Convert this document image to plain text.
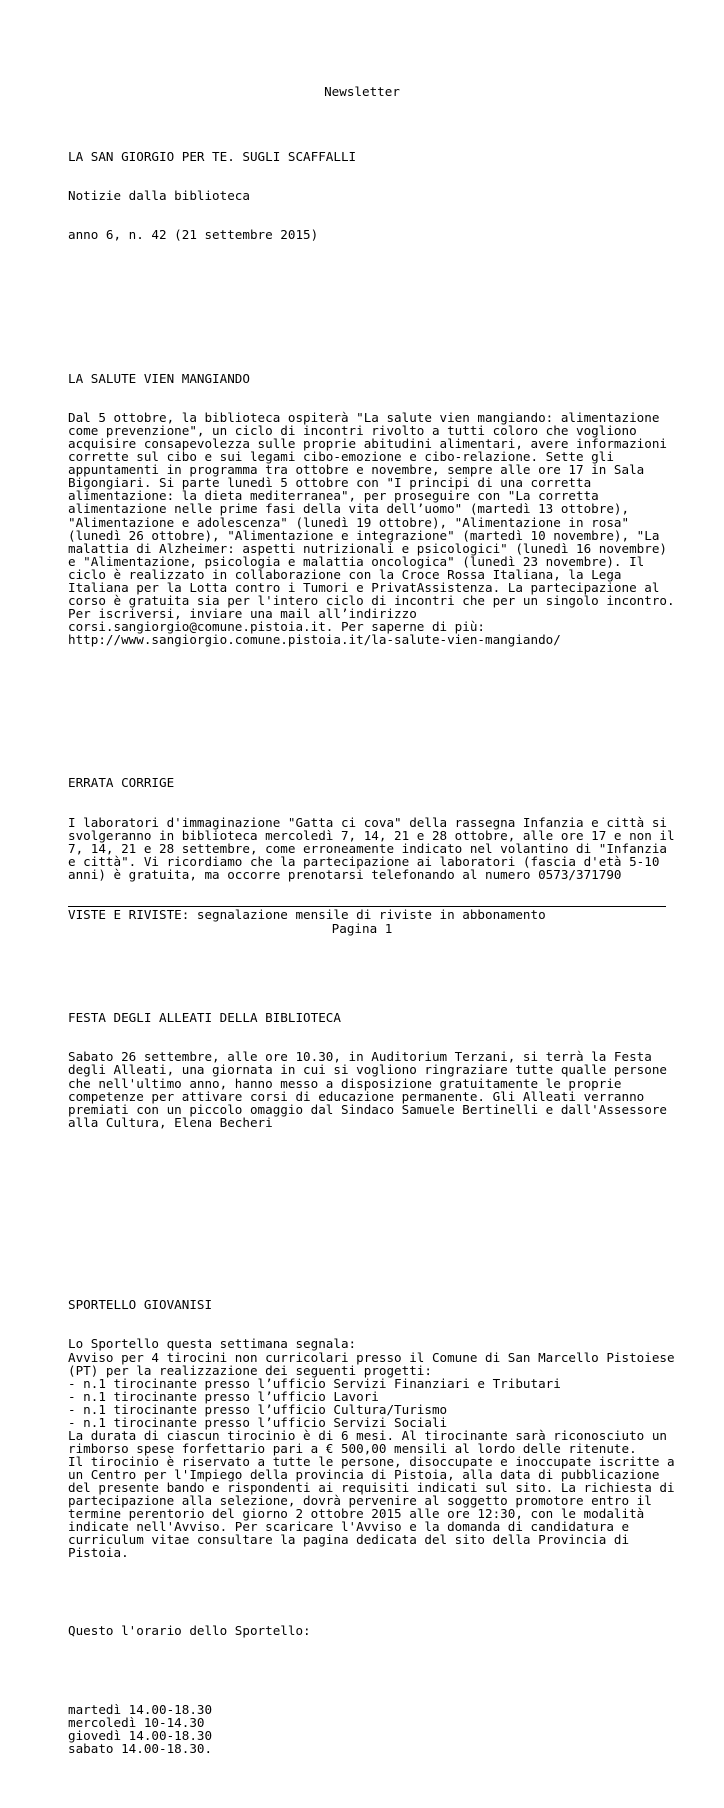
Newsletter

LA SAN GIORGIO PER TE. SUGLI SCAFFALLI

Notizie dalla biblioteca

anno 6, n. 42 (21 settembre 2015)

LA SALUTE VIEN MANGIANDO

Dal 5 ottobre, la biblioteca ospiterà "La salute vien mangiando: alimentazione
come prevenzione", un ciclo di incontri rivolto a tutti coloro che vogliono
acquisire consapevolezza sulle proprie abitudini alimentari, avere informazioni
corrette sul cibo e sui legami cibo-emozione e cibo-relazione. Sette gli
appuntamenti in programma tra ottobre e novembre, sempre alle ore 17 in Sala
Bigongiari. Si parte lunedì 5 ottobre con "I principi di una corretta
alimentazione: la dieta mediterranea", per proseguire con "La corretta
alimentazione nelle prime fasi della vita dell’uomo" (martedì 13 ottobre),
"Alimentazione e adolescenza" (lunedì 19 ottobre), "Alimentazione in rosa"
(lunedì 26 ottobre), "Alimentazione e integrazione" (martedì 10 novembre), "La
malattia di Alzheimer: aspetti nutrizionali e psicologici" (lunedì 16 novembre)
e "Alimentazione, psicologia e malattia oncologica" (lunedì 23 novembre). Il
ciclo è realizzato in collaborazione con la Croce Rossa Italiana, la Lega
Italiana per la Lotta contro i Tumori e PrivatAssistenza. La partecipazione al
corso è gratuita sia per l'intero ciclo di incontri che per un singolo incontro.
Per iscriversi, inviare una mail all’indirizzo
corsi.sangiorgio@comune.pistoia.it. Per saperne di più:
http://www.sangiorgio.comune.pistoia.it/la-salute-vien-mangiando/

ERRATA CORRIGE

I laboratori d'immaginazione "Gatta ci cova" della rassegna Infanzia e città si
svolgeranno in biblioteca mercoledì 7, 14, 21 e 28 ottobre, alle ore 17 e non il
7, 14, 21 e 28 settembre, come erroneamente indicato nel volantino di "Infanzia
e città". Vi ricordiamo che la partecipazione ai laboratori (fascia d'età 5-10
anni) è gratuita, ma occorre prenotarsi telefonando al numero 0573/371790

FESTA DEGLI ALLEATI DELLA BIBLIOTECA

Sabato 26 settembre, alle ore 10.30, in Auditorium Terzani, si terrà la Festa
degli Alleati, una giornata in cui si vogliono ringraziare tutte qualle persone
che nell'ultimo anno, hanno messo a disposizione gratuitamente le proprie
competenze per attivare corsi di educazione permanente. Gli Alleati verranno
premiati con un piccolo omaggio dal Sindaco Samuele Bertinelli e dall'Assessore
alla Cultura, Elena Becheri

SPORTELLO GIOVANISI

Lo Sportello questa settimana segnala:
Avviso per 4 tirocini non curricolari presso il Comune di San Marcello Pistoiese
(PT) per la realizzazione dei seguenti progetti:
- n.1 tirocinante presso l’ufficio Servizi Finanziari e Tributari
- n.1 tirocinante presso l’ufficio Lavori
- n.1 tirocinante presso l’ufficio Cultura/Turismo
- n.1 tirocinante presso l’ufficio Servizi Sociali
La durata di ciascun tirocinio è di 6 mesi. Al tirocinante sarà riconosciuto un
rimborso spese forfettario pari a € 500,00 mensili al lordo delle ritenute.
Il tirocinio è riservato a tutte le persone, disoccupate e inoccupate iscritte a
un Centro per l'Impiego della provincia di Pistoia, alla data di pubblicazione
del presente bando e rispondenti ai requisiti indicati sul sito. La richiesta di
partecipazione alla selezione, dovrà pervenire al soggetto promotore entro il
termine perentorio del giorno 2 ottobre 2015 alle ore 12:30, con le modalità
indicate nell'Avviso. Per scaricare l'Avviso e la domanda di candidatura e
curriculum vitae consultare la pagina dedicata del sito della Provincia di
Pistoia.

Questo l'orario dello Sportello:

martedì 14.00-18.30
mercoledì 10-14.30
giovedì 14.00-18.30
sabato 14.00-18.30.

VISTE E RIVISTE: segnalazione mensile di riviste in abbonamento
Pagina 1
